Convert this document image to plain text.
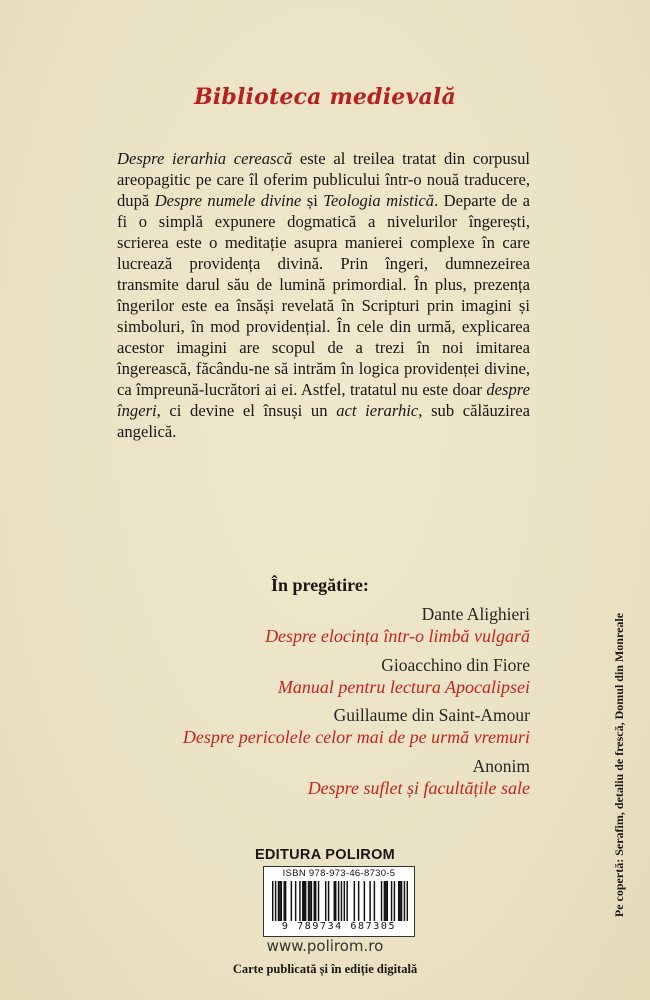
Biblioteca medievală

Despre ierarhia cerească este al treilea tratat din corpusul areopagitic pe care îl oferim publicului într-o nouă traducere, după Despre numele divine și Teologia mistică. Departe de a fi o simplă expunere dogmatică a nivelurilor îngerești, scrierea este o meditație asupra manierei complexe în care lucrează providența divină. Prin îngeri, dumnezeirea transmite darul său de lumină primordial. În plus, prezența îngerilor este ea însăși revelată în Scripturi prin imagini și simboluri, în mod providențial. În cele din urmă, explicarea acestor imagini are scopul de a trezi în noi imitarea îngerească, făcându-ne să intrăm în logica providenței divine, ca împreună-lucrători ai ei. Astfel, tratatul nu este doar despre îngeri, ci devine el însuși un act ierarhic, sub călăuzirea angelică.

În pregătire:
Dante Alighieri
Despre elocința într-o limbă vulgară
Gioacchino din Fiore
Manual pentru lectura Apocalipsei
Guillaume din Saint-Amour
Despre pericolele celor mai de pe urmă vremuri
Anonim
Despre suflet și facultățile sale
EDITURA POLIROM
ISBN 978-973-46-8730-5
9 789734 687305
www.polirom.ro
Carte publicată și în ediție digitală
Pe copertă: Serafim, detaliu de frescă, Domul din Monreale
